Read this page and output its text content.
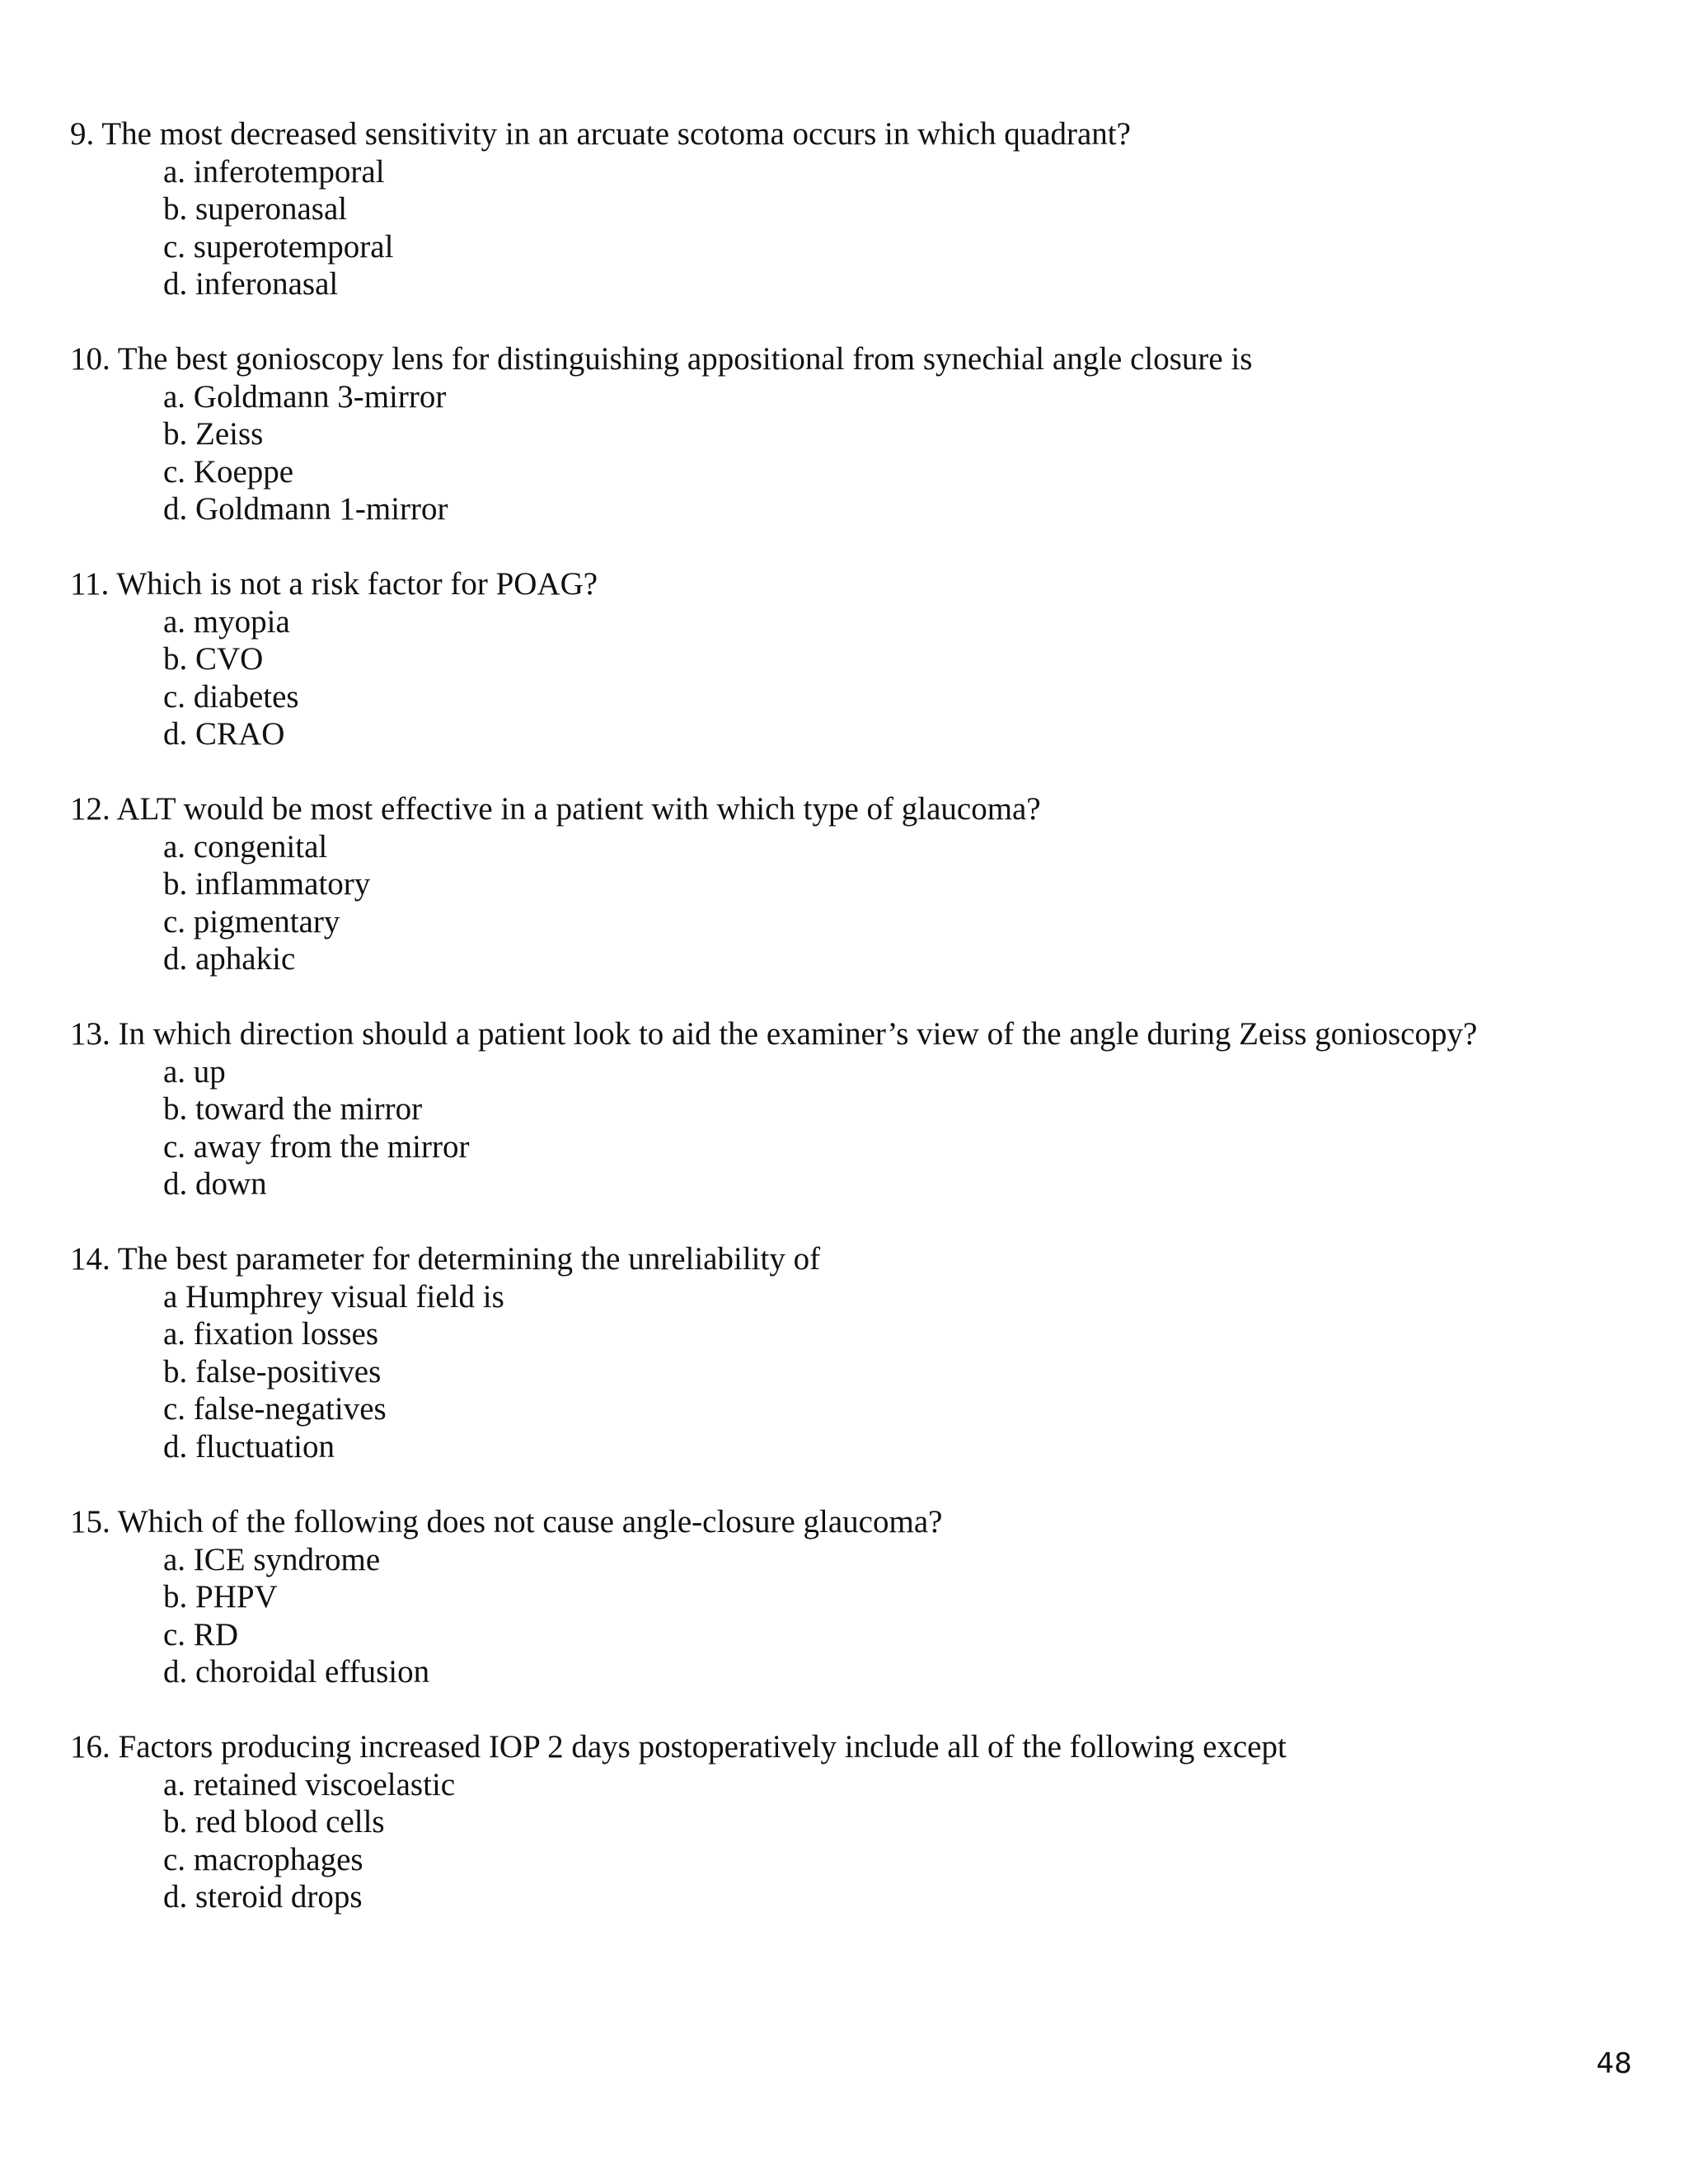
9. The most decreased sensitivity in an arcuate scotoma occurs in which quadrant?
a. inferotemporal
b. superonasal
c. superotemporal
d. inferonasal
10. The best gonioscopy lens for distinguishing appositional from synechial angle closure is
a. Goldmann 3-mirror
b. Zeiss
c. Koeppe
d. Goldmann 1-mirror
11. Which is not a risk factor for POAG?
a. myopia
b. CVO
c. diabetes
d. CRAO
12. ALT would be most effective in a patient with which type of glaucoma?
a. congenital
b. inflammatory
c. pigmentary
d. aphakic
13. In which direction should a patient look to aid the examiner’s view of the angle during Zeiss gonioscopy?
a. up
b. toward the mirror
c. away from the mirror
d. down
14. The best parameter for determining the unreliability of
a Humphrey visual field is
a. fixation losses
b. false-positives
c. false-negatives
d. fluctuation
15. Which of the following does not cause angle-closure glaucoma?
a. ICE syndrome
b. PHPV
c. RD
d. choroidal effusion
16. Factors producing increased IOP 2 days postoperatively include all of the following except
a. retained viscoelastic
b. red blood cells
c. macrophages
d. steroid drops
48
